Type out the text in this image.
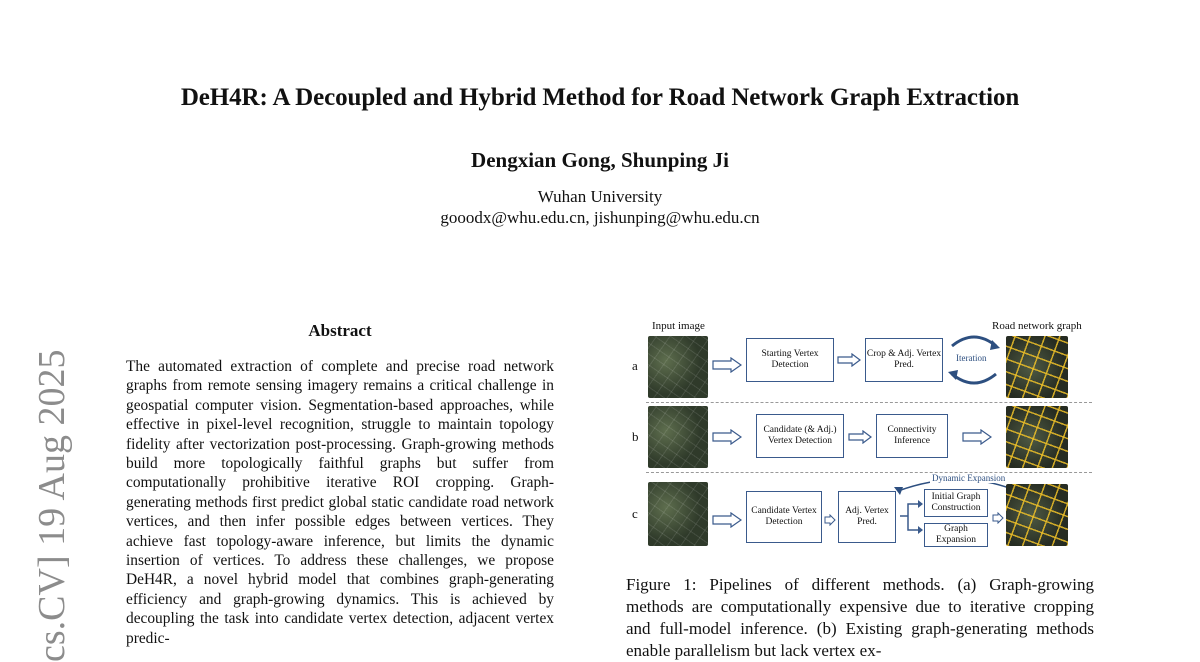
DeH4R: A Decoupled and Hybrid Method for Road Network Graph Extraction
Dengxian Gong, Shunping Ji
Wuhan University
gooodx@whu.edu.cn, jishunping@whu.edu.cn
cs.CV] 19 Aug 2025
Abstract
The automated extraction of complete and precise road network graphs from remote sensing imagery remains a critical challenge in geospatial computer vision. Segmentation-based approaches, while effective in pixel-level recognition, struggle to maintain topology fidelity after vectorization post-processing. Graph-growing methods build more topologically faithful graphs but suffer from computationally prohibitive iterative ROI cropping. Graph-generating methods first predict global static candidate road network vertices, and then infer possible edges between vertices. They achieve fast topology-aware inference, but limits the dynamic insertion of vertices. To address these challenges, we propose DeH4R, a novel hybrid model that combines graph-generating efficiency and graph-growing dynamics. This is achieved by decoupling the task into candidate vertex detection, adjacent vertex predic-
Input image	Road network graph
a
Starting Vertex Detection
Crop & Adj. Vertex Pred.
Iteration
b	Candidate (& Adj.) Vertex Detection
Connectivity Inference
c	Candidate Vertex Detection
Adj. Vertex Pred.
Initial Graph Construction
Graph Expansion
Dynamic Expansion
Figure 1: Pipelines of different methods. (a) Graph-growing methods are computationally expensive due to iterative cropping and full-model inference. (b) Existing graph-generating methods enable parallelism but lack vertex ex-
